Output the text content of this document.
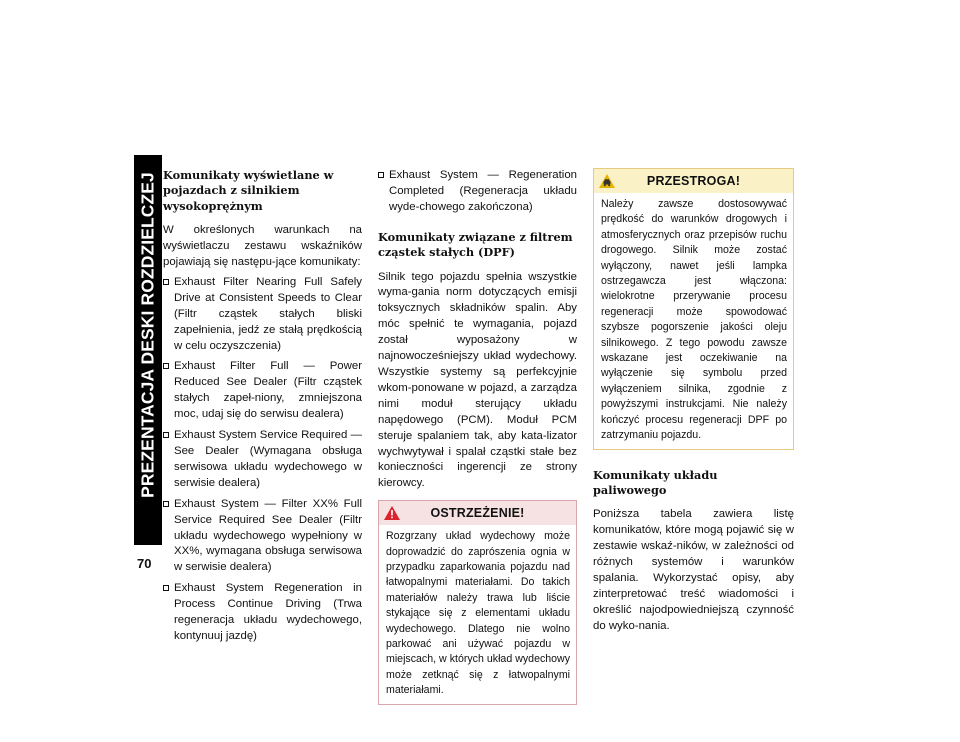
PREZENTACJA DESKI ROZDZIELCZEJ
70
Komunikaty wyświetlane w pojazdach z silnikiem wysokoprężnym
W określonych warunkach na wyświetlaczu zestawu wskaźników pojawiają się następu-jące komunikaty:
Exhaust Filter Nearing Full Safely Drive at Consistent Speeds to Clear (Filtr cząstek stałych bliski zapełnienia, jedź ze stałą prędkością w celu oczyszczenia)
Exhaust Filter Full — Power Reduced See Dealer (Filtr cząstek stałych zapeł-niony, zmniejszona moc, udaj się do serwisu dealera)
Exhaust System Service Required — See Dealer (Wymagana obsługa serwisowa układu wydechowego w serwisie dealera)
Exhaust System — Filter XX% Full Service Required See Dealer (Filtr układu wydechowego wypełniony w XX%, wymagana obsługa serwisowa w serwisie dealera)
Exhaust System Regeneration in Process Continue Driving (Trwa regeneracja układu wydechowego, kontynuuj jazdę)
Exhaust System — Regeneration Completed (Regeneracja układu wyde-chowego zakończona)
Komunikaty związane z filtrem cząstek stałych (DPF)
Silnik tego pojazdu spełnia wszystkie wyma-gania norm dotyczących emisji toksycznych składników spalin. Aby móc spełnić te wymagania, pojazd został wyposażony w najnowocześniejszy układ wydechowy. Wszystkie systemy są perfekcyjnie wkom-ponowane w pojazd, a zarządza nimi moduł sterujący układu napędowego (PCM). Moduł PCM steruje spalaniem tak, aby kata-lizator wychwytywał i spalał cząstki stałe bez konieczności ingerencji ze strony kierowcy.
OSTRZEŻENIE!
Rozgrzany układ wydechowy może doprowadzić do zaprószenia ognia w przypadku zaparkowania pojazdu nad łatwopalnymi materiałami. Do takich materiałów należy trawa lub liście stykające się z elementami układu wydechowego. Dlatego nie wolno parkować ani używać pojazdu w miejscach, w których układ wydechowy może zetknąć się z łatwopalnymi materiałami.
PRZESTROGA!
Należy zawsze dostosowywać prędkość do warunków drogowych i atmosferycznych oraz przepisów ruchu drogowego. Silnik może zostać wyłączony, nawet jeśli lampka ostrzegawcza jest włączona: wielokrotne przerywanie procesu regeneracji może spowodować szybsze pogorszenie jakości oleju silnikowego. Z tego powodu zawsze wskazane jest oczekiwanie na wyłączenie się symbolu przed wyłączeniem silnika, zgodnie z powyższymi instrukcjami. Nie należy kończyć procesu regeneracji DPF po zatrzymaniu pojazdu.
Komunikaty układu paliwowego
Poniższa tabela zawiera listę komunikatów, które mogą pojawić się w zestawie wskaź-ników, w zależności od różnych systemów i warunków spalania. Wykorzystać opisy, aby zinterpretować treść wiadomości i określić najodpowiedniejszą czynność do wyko-nania.
